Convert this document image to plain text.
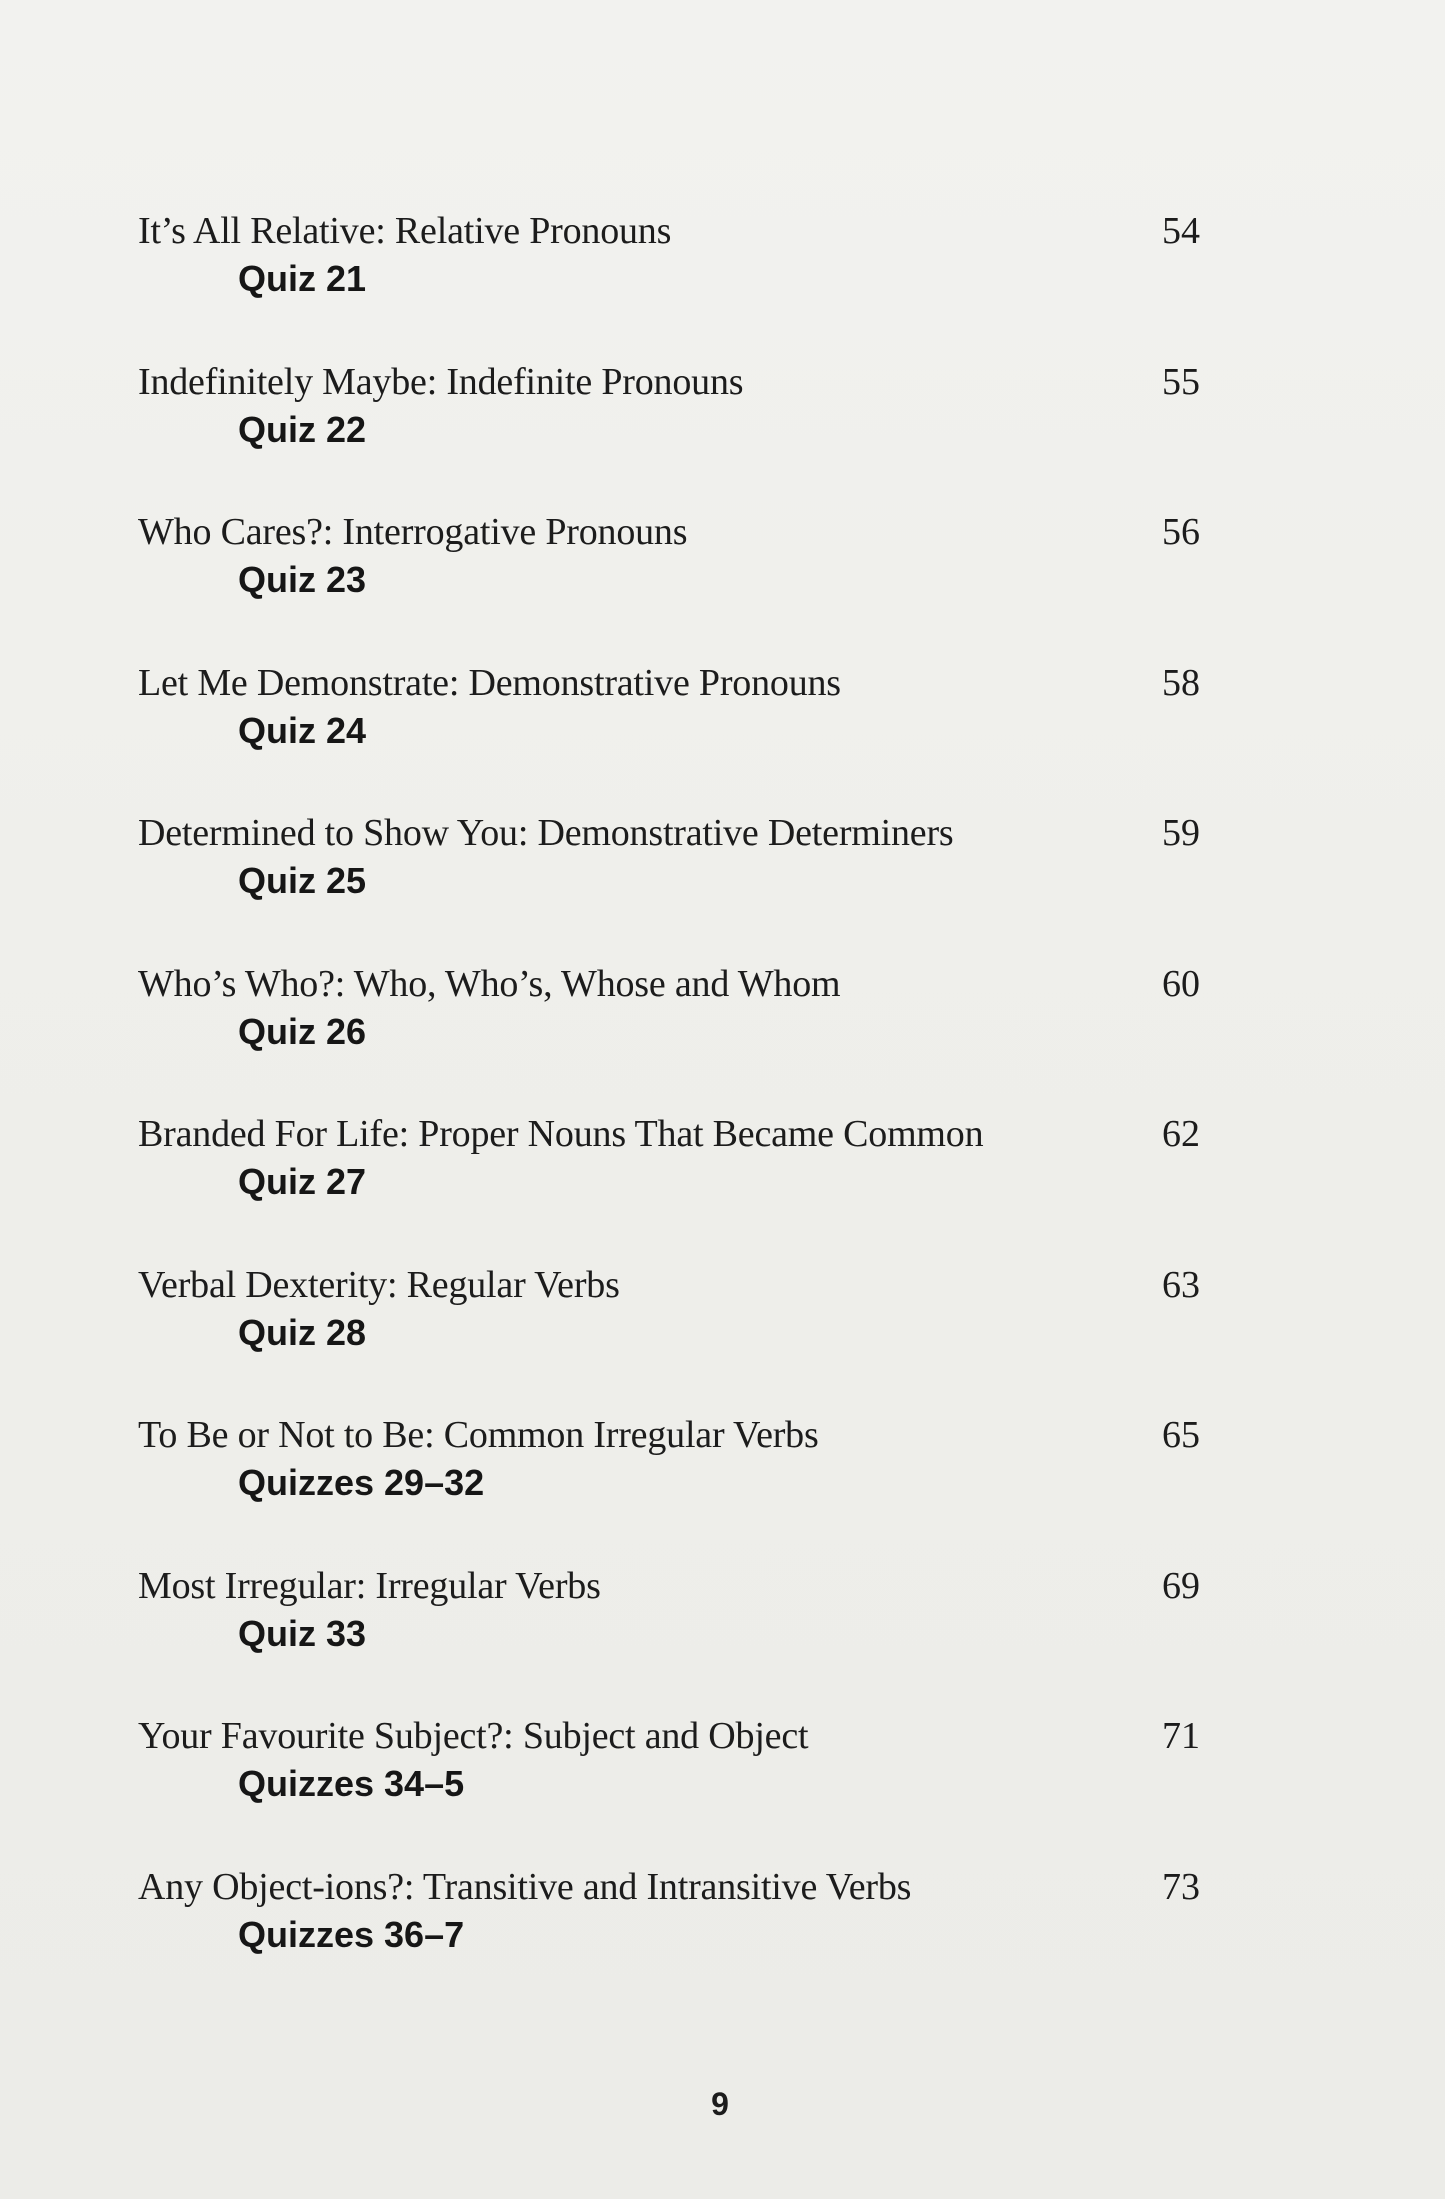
It’s All Relative: Relative Pronouns	54
Quiz 21
Indefinitely Maybe: Indefinite Pronouns	55
Quiz 22
Who Cares?: Interrogative Pronouns	56
Quiz 23
Let Me Demonstrate: Demonstrative Pronouns	58
Quiz 24
Determined to Show You: Demonstrative Determiners	59
Quiz 25
Who’s Who?: Who, Who’s, Whose and Whom	60
Quiz 26
Branded For Life: Proper Nouns That Became Common	62
Quiz 27
Verbal Dexterity: Regular Verbs	63
Quiz 28
To Be or Not to Be: Common Irregular Verbs	65
Quizzes 29–32
Most Irregular: Irregular Verbs	69
Quiz 33
Your Favourite Subject?: Subject and Object	71
Quizzes 34–5
Any Object-ions?: Transitive and Intransitive Verbs	73
Quizzes 36–7
9
